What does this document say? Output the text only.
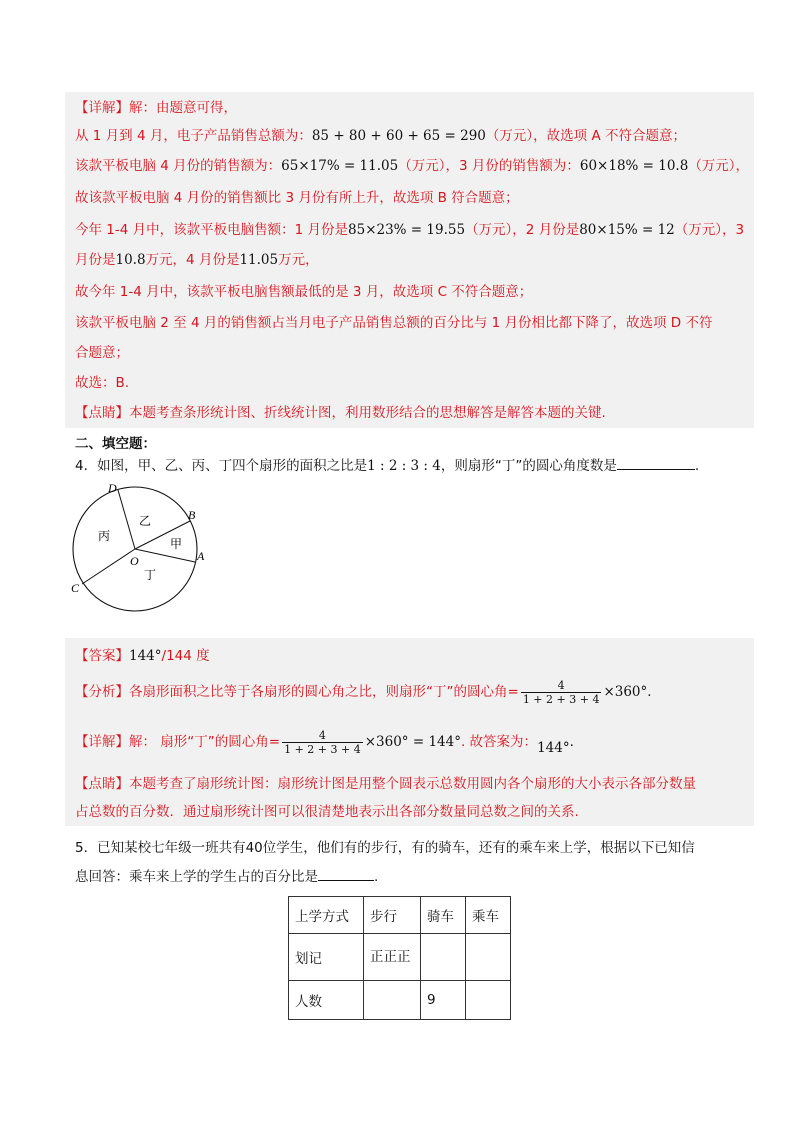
【详解】解：由题意可得，
从 1 月到 4 月，电子产品销售总额为：85 + 80 + 60 + 65 = 290（万元），故选项 A 不符合题意；
该款平板电脑 4 月份的销售额为：65×17% = 11.05（万元），3 月份的销售额为：60×18% = 10.8（万元），
故该款平板电脑 4 月份的销售额比 3 月份有所上升，故选项 B 符合题意；
今年 1-4 月中，该款平板电脑售额：1 月份是85×23% = 19.55（万元），2 月份是80×15% = 12（万元），3
月份是10.8万元，4 月份是11.05万元，
故今年 1-4 月中，该款平板电脑售额最低的是 3 月，故选项 C 不符合题意；
该款平板电脑 2 至 4 月的销售额占当月电子产品销售总额的百分比与 1 月份相比都下降了，故选项 D 不符
合题意；
故选：B.
【点睛】本题考查条形统计图、折线统计图，利用数形结合的思想解答是解答本题的关键.
二、填空题：
4．如图，甲、乙、丙、丁四个扇形的面积之比是1 : 2 : 3 : 4，则扇形“丁”的圆心角度数是	.
D
B
A
C
O
甲
乙
丙
丁
【答案】144°/144 度
【分析】各扇形面积之比等于各扇形的圆心角之比，则扇形“丁”的圆心角= $\frac{4}{1 + 2 + 3 + 4} \times 360^\circ$.
【详解】解： 扇形“丁”的圆心角= $\frac{4}{1 + 2 + 3 + 4} \times 360^\circ = 144^\circ$. 故答案为：144°.
【点睛】本题考查了扇形统计图：扇形统计图是用整个圆表示总数用圆内各个扇形的大小表示各部分数量
占总数的百分数．通过扇形统计图可以很清楚地表示出各部分数量同总数之间的关系.
5．已知某校七年级一班共有40位学生，他们有的步行，有的骑车，还有的乘车来上学，根据以下已知信
息回答：乘车来上学的学生占的百分比是	.
上学方式	步行	骑车	乘车
划记	正正正		
人数		9	
